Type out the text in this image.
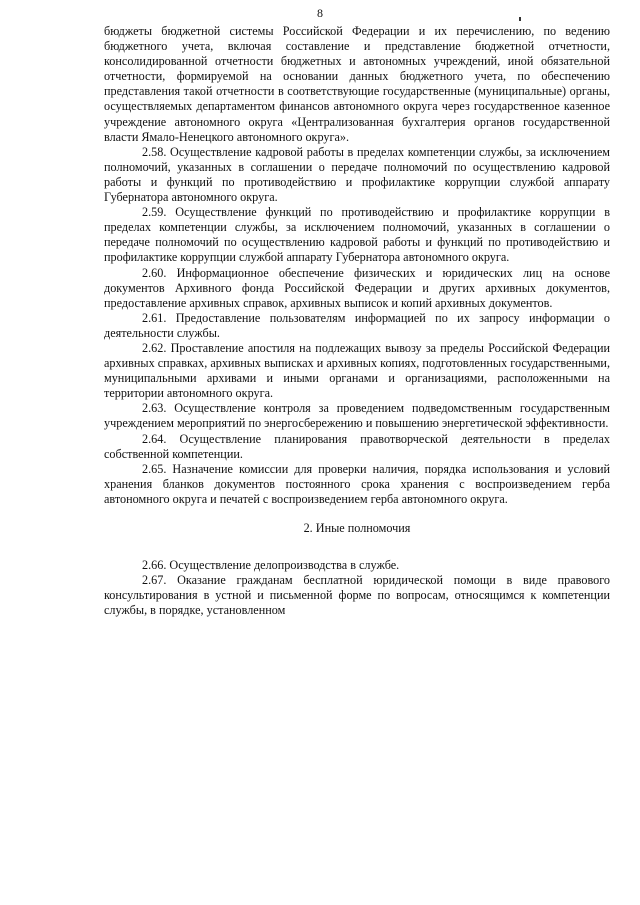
8

бюджеты бюджетной системы Российской Федерации и их перечислению, по ведению бюджетного учета, включая составление и представление бюджетной отчетности, консолидированной отчетности бюджетных и автономных учреждений, иной обязательной отчетности, формируемой на основании данных бюджетного учета, по обеспечению представления такой отчетности в соответствующие государственные (муниципальные) органы, осуществляемых департаментом финансов автономного округа через государственное казенное учреждение автономного округа «Централизованная бухгалтерия органов государственной власти Ямало-Ненецкого автономного округа».

2.58. Осуществление кадровой работы в пределах компетенции службы, за исключением полномочий, указанных в соглашении о передаче полномочий по осуществлению кадровой работы и функций по противодействию и профилактике коррупции службой аппарату Губернатора автономного округа.

2.59. Осуществление функций по противодействию и профилактике коррупции в пределах компетенции службы, за исключением полномочий, указанных в соглашении о передаче полномочий по осуществлению кадровой работы и функций по противодействию и профилактике коррупции службой аппарату Губернатора автономного округа.

2.60. Информационное обеспечение физических и юридических лиц на основе документов Архивного фонда Российской Федерации и других архивных документов, предоставление архивных справок, архивных выписок и копий архивных документов.

2.61. Предоставление пользователям информацией по их запросу информации о деятельности службы.

2.62. Проставление апостиля на подлежащих вывозу за пределы Российской Федерации архивных справках, архивных выписках и архивных копиях, подготовленных государственными, муниципальными архивами и иными органами и организациями, расположенными на территории автономного округа.

2.63. Осуществление контроля за проведением подведомственным государственным учреждением мероприятий по энергосбережению и повышению энергетической эффективности.

2.64. Осуществление планирования правотворческой деятельности в пределах собственной компетенции.

2.65. Назначение комиссии для проверки наличия, порядка использования и условий хранения бланков документов постоянного срока хранения с воспроизведением герба автономного округа и печатей с воспроизведением герба автономного округа.

2. Иные полномочия

2.66. Осуществление делопроизводства в службе.

2.67. Оказание гражданам бесплатной юридической помощи в виде правового консультирования в устной и письменной форме по вопросам, относящимся к компетенции службы, в порядке, установленном
